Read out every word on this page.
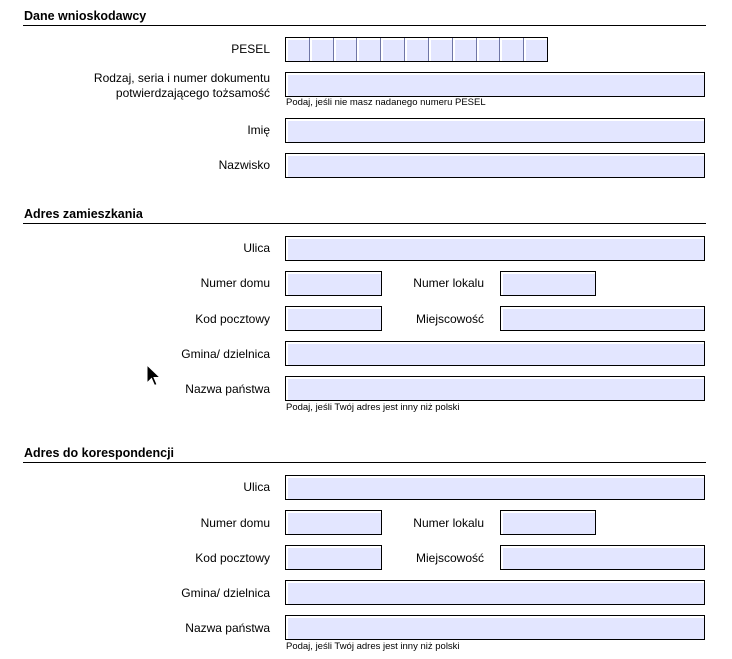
Dane wnioskodawcy
PESEL
Rodzaj, seria i numer dokumentu
potwierdzającego tożsamość
Podaj, jeśli nie masz nadanego numeru PESEL
Imię
Nazwisko
Adres zamieszkania
Ulica
Numer domu	Numer lokalu
Kod pocztowy	Miejscowość
Gmina/ dzielnica
Nazwa państwa
Podaj, jeśli Twój adres jest inny niż polski
Adres do korespondencji
Ulica
Numer domu	Numer lokalu
Kod pocztowy	Miejscowość
Gmina/ dzielnica
Nazwa państwa
Podaj, jeśli Twój adres jest inny niż polski
